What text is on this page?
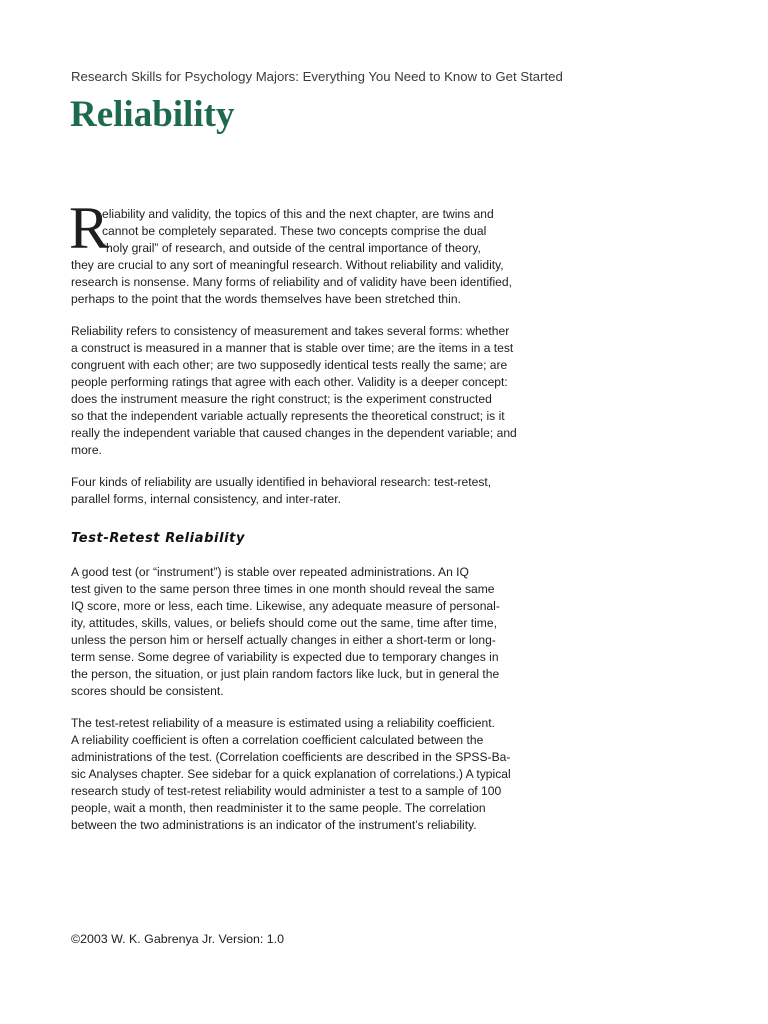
Research Skills for Psychology Majors: Everything You Need to Know to Get Started
Reliability
R
eliability and validity, the topics of this and the next chapter, are twins and
cannot be completely separated. These two concepts comprise the dual
“holy grail” of research, and outside of the central importance of theory,
they are crucial to any sort of meaningful research. Without reliability and validity,
research is nonsense. Many forms of reliability and of validity have been identified,
perhaps to the point that the words themselves have been stretched thin.

Reliability refers to consistency of measurement and takes several forms: whether
a construct is measured in a manner that is stable over time; are the items in a test
congruent with each other; are two supposedly identical tests really the same; are
people performing ratings that agree with each other. Validity is a deeper concept:
does the instrument measure the right construct; is the experiment constructed
so that the independent variable actually represents the theoretical construct; is it
really the independent variable that caused changes in the dependent variable; and
more.

Four kinds of reliability are usually identified in behavioral research: test-retest,
parallel forms, internal consistency, and inter-rater.

Test-Retest Reliability

A good test (or “instrument”) is stable over repeated administrations. An IQ
test given to the same person three times in one month should reveal the same
IQ score, more or less, each time. Likewise, any adequate measure of personal-
ity, attitudes, skills, values, or beliefs should come out the same, time after time,
unless the person him or herself actually changes in either a short-term or long-
term sense. Some degree of variability is expected due to temporary changes in
the person, the situation, or just plain random factors like luck, but in general the
scores should be consistent.

The test-retest reliability of a measure is estimated using a reliability coefficient.
A reliability coefficient is often a correlation coefficient calculated between the
administrations of the test. (Correlation coefficients are described in the SPSS-Ba-
sic Analyses chapter. See sidebar for a quick explanation of correlations.) A typical
research study of test-retest reliability would administer a test to a sample of 100
people, wait a month, then readminister it to the same people. The correlation
between the two administrations is an indicator of the instrument’s reliability.

©2003 W. K. Gabrenya Jr. Version: 1.0
